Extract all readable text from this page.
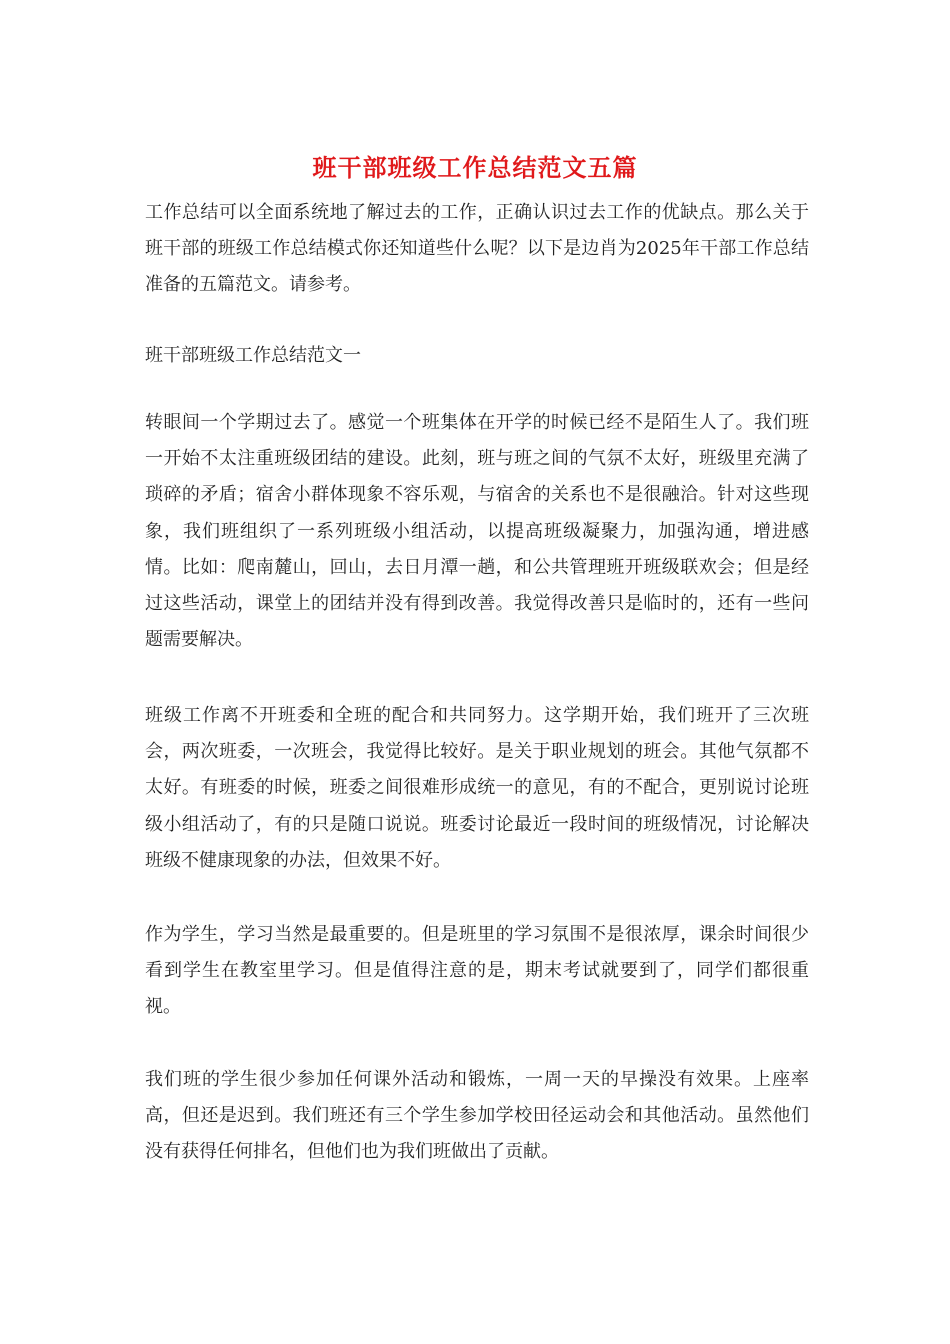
班干部班级工作总结范文五篇
工作总结可以全面系统地了解过去的工作，正确认识过去工作的优缺点。那么关于班干部的班级工作总结模式你还知道些什么呢？以下是边肖为2025年干部工作总结准备的五篇范文。请参考。
班干部班级工作总结范文一
转眼间一个学期过去了。感觉一个班集体在开学的时候已经不是陌生人了。我们班一开始不太注重班级团结的建设。此刻，班与班之间的气氛不太好，班级里充满了琐碎的矛盾；宿舍小群体现象不容乐观，与宿舍的关系也不是很融洽。针对这些现象，我们班组织了一系列班级小组活动，以提高班级凝聚力，加强沟通，增进感情。比如：爬南麓山，回山，去日月潭一趟，和公共管理班开班级联欢会；但是经过这些活动，课堂上的团结并没有得到改善。我觉得改善只是临时的，还有一些问题需要解决。
班级工作离不开班委和全班的配合和共同努力。这学期开始，我们班开了三次班会，两次班委，一次班会，我觉得比较好。是关于职业规划的班会。其他气氛都不太好。有班委的时候，班委之间很难形成统一的意见，有的不配合，更别说讨论班级小组活动了，有的只是随口说说。班委讨论最近一段时间的班级情况，讨论解决班级不健康现象的办法，但效果不好。
作为学生，学习当然是最重要的。但是班里的学习氛围不是很浓厚，课余时间很少看到学生在教室里学习。但是值得注意的是，期末考试就要到了，同学们都很重视。
我们班的学生很少参加任何课外活动和锻炼，一周一天的早操没有效果。上座率高，但还是迟到。我们班还有三个学生参加学校田径运动会和其他活动。虽然他们没有获得任何排名，但他们也为我们班做出了贡献。
